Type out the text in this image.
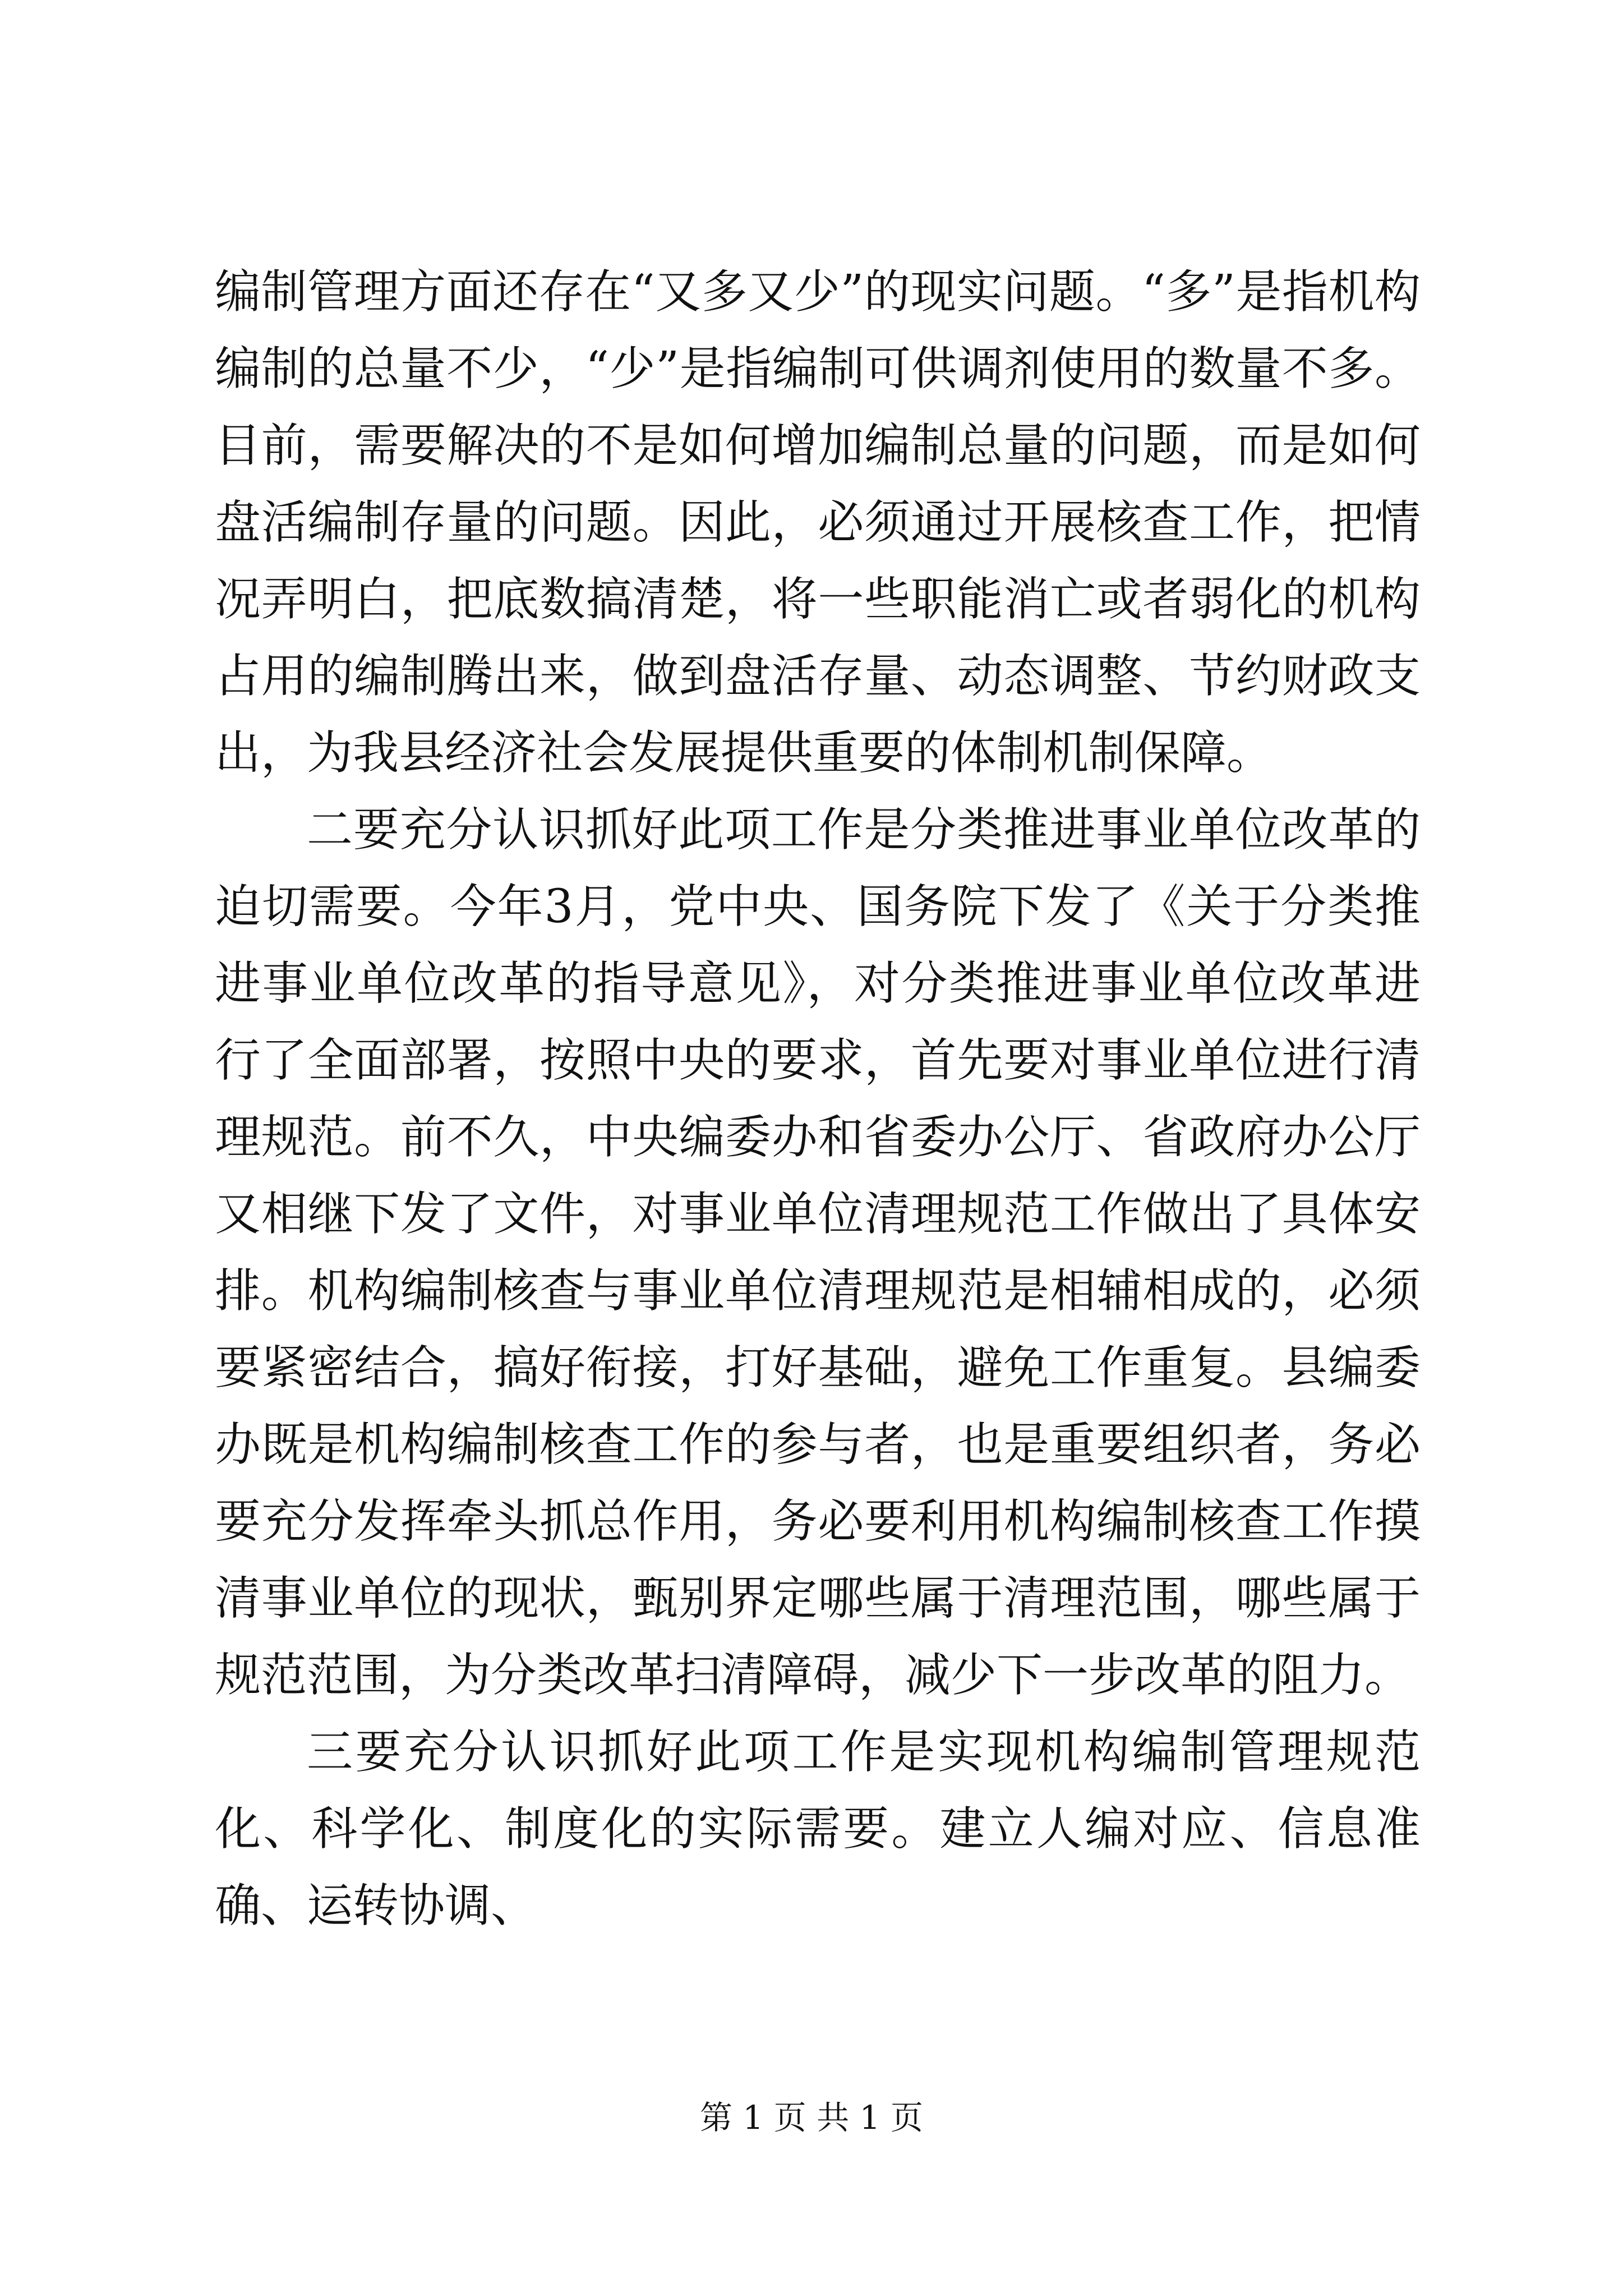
编制管理方面还存在“又多又少”的现实问题。“多”是指机构编制的总量不少，“少”是指编制可供调剂使用的数量不多。目前，需要解决的不是如何增加编制总量的问题，而是如何盘活编制存量的问题。因此，必须通过开展核查工作，把情况弄明白，把底数搞清楚，将一些职能消亡或者弱化的机构占用的编制腾出来，做到盘活存量、动态调整、节约财政支出，为我县经济社会发展提供重要的体制机制保障。

二要充分认识抓好此项工作是分类推进事业单位改革的迫切需要。今年3月，党中央、国务院下发了《关于分类推进事业单位改革的指导意见》，对分类推进事业单位改革进行了全面部署，按照中央的要求，首先要对事业单位进行清理规范。前不久，中央编委办和省委办公厅、省政府办公厅又相继下发了文件，对事业单位清理规范工作做出了具体安排。机构编制核查与事业单位清理规范是相辅相成的，必须要紧密结合，搞好衔接，打好基础，避免工作重复。县编委办既是机构编制核查工作的参与者，也是重要组织者，务必要充分发挥牵头抓总作用，务必要利用机构编制核查工作摸清事业单位的现状，甄别界定哪些属于清理范围，哪些属于规范范围，为分类改革扫清障碍，减少下一步改革的阻力。

三要充分认识抓好此项工作是实现机构编制管理规范化、科学化、制度化的实际需要。建立人编对应、信息准确、运转协调、

第 1 页 共 1 页
